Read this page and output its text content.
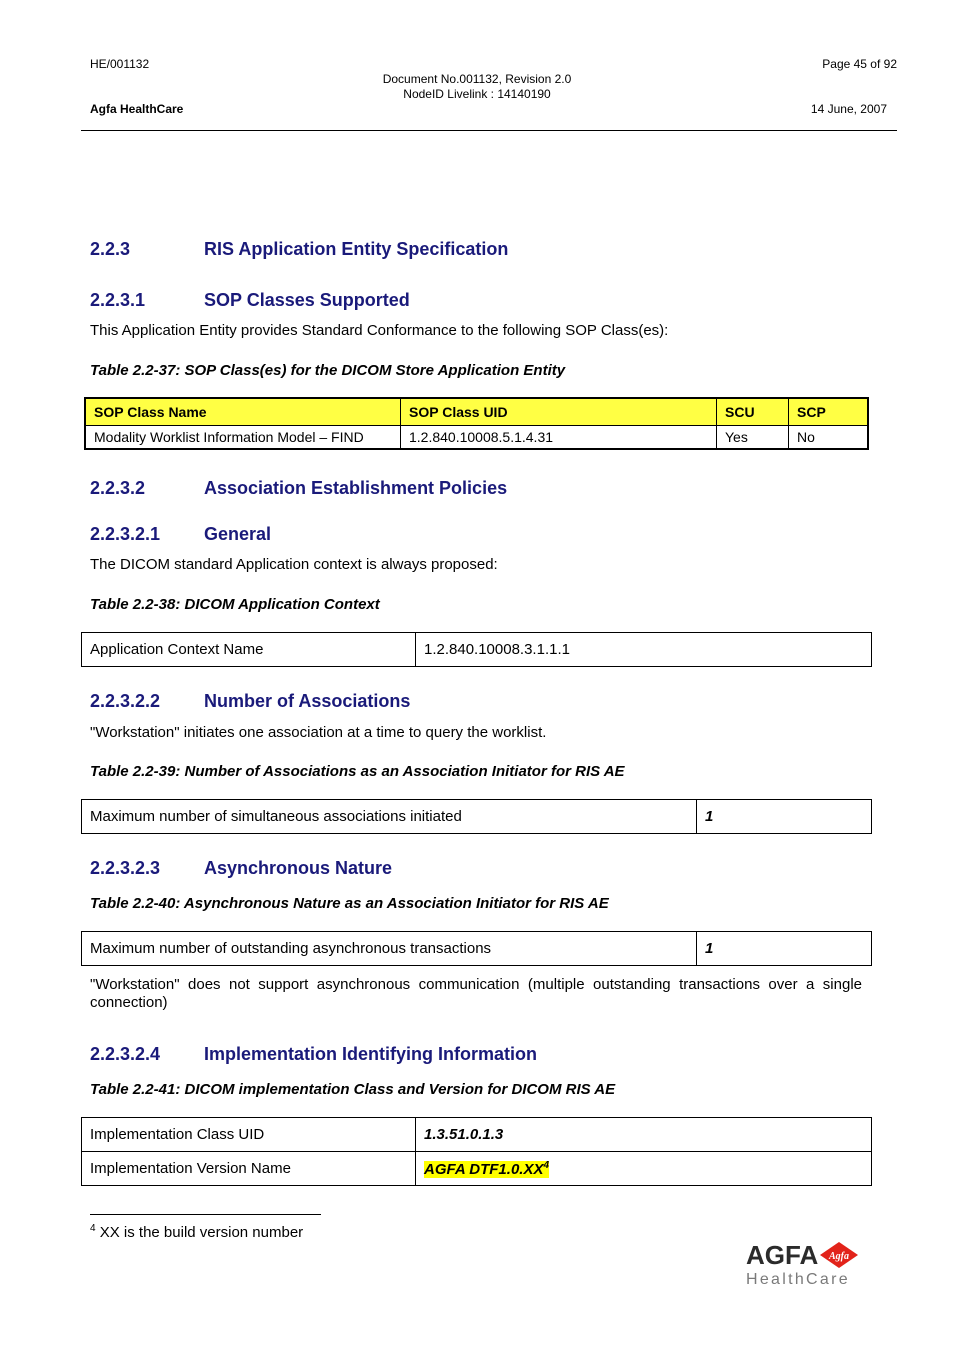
HE/001132	Page 45 of 92
Document No.001132, Revision 2.0
NodeID Livelink : 14140190
Agfa HealthCare	14 June, 2007
2.2.3	RIS Application Entity Specification
2.2.3.1	SOP Classes Supported
This Application Entity provides Standard Conformance to the following SOP Class(es):
Table 2.2-37: SOP Class(es) for the DICOM Store Application Entity
SOP Class Name	SOP Class UID	SCU	SCP
Modality Worklist Information Model – FIND	1.2.840.10008.5.1.4.31	Yes	No
2.2.3.2	Association Establishment Policies
2.2.3.2.1 General
The DICOM standard Application context is always proposed:
Table 2.2-38: DICOM Application Context
Application Context Name	1.2.840.10008.3.1.1.1
2.2.3.2.2 Number of Associations
"Workstation" initiates one association at a time to query the worklist.
Table 2.2-39: Number of Associations as an Association Initiator for RIS AE
Maximum number of simultaneous associations initiated	1
2.2.3.2.3 Asynchronous Nature
Table 2.2-40: Asynchronous Nature as an Association Initiator for RIS AE
Maximum number of outstanding asynchronous transactions	1
"Workstation" does not support asynchronous communication (multiple outstanding transactions over a single connection)
2.2.3.2.4 Implementation Identifying Information
Table 2.2-41: DICOM implementation Class and Version for DICOM RIS AE
Implementation Class UID	1.3.51.0.1.3
Implementation Version Name	AGFA $DTF1.0.XX^4$
$^4$ XX is the build version number
AGFA Agfa
HealthCare
